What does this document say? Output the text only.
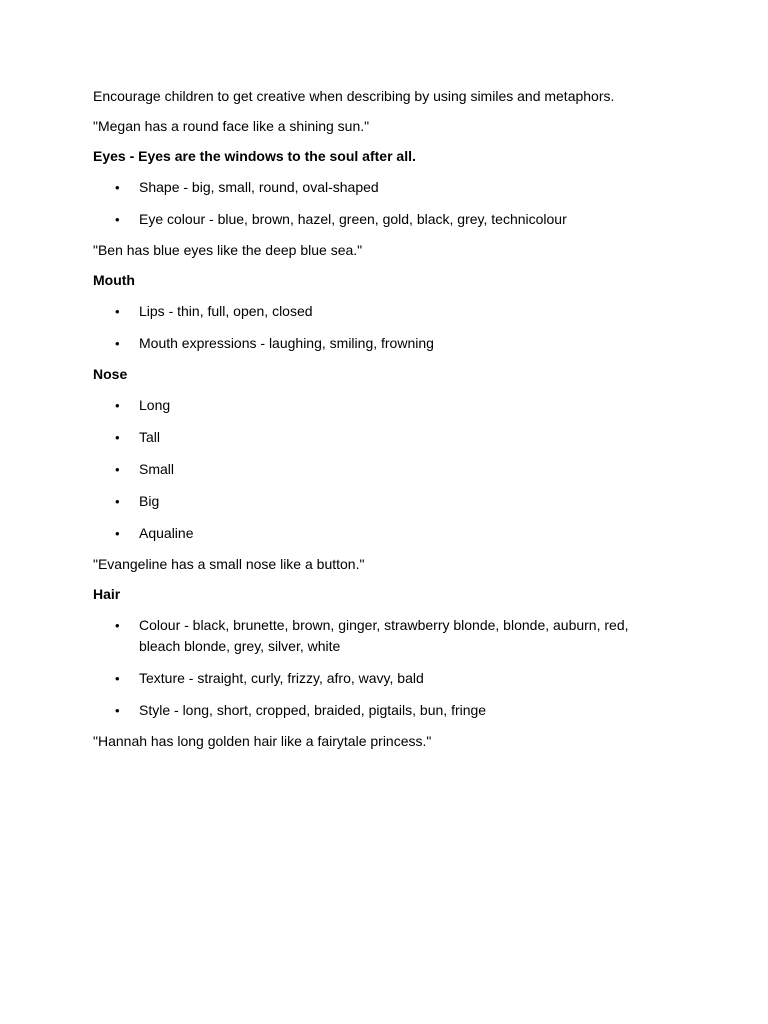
Encourage children to get creative when describing by using similes and metaphors.

"Megan has a round face like a shining sun."

Eyes - Eyes are the windows to the soul after all.

• Shape - big, small, round, oval-shaped
• Eye colour - blue, brown, hazel, green, gold, black, grey, technicolour

"Ben has blue eyes like the deep blue sea."

Mouth

• Lips - thin, full, open, closed
• Mouth expressions - laughing, smiling, frowning

Nose

• Long
• Tall
• Small
• Big
• Aqualine

"Evangeline has a small nose like a button."

Hair

• Colour - black, brunette, brown, ginger, strawberry blonde, blonde, auburn, red, bleach blonde, grey, silver, white
• Texture - straight, curly, frizzy, afro, wavy, bald
• Style - long, short, cropped, braided, pigtails, bun, fringe

"Hannah has long golden hair like a fairytale princess."
